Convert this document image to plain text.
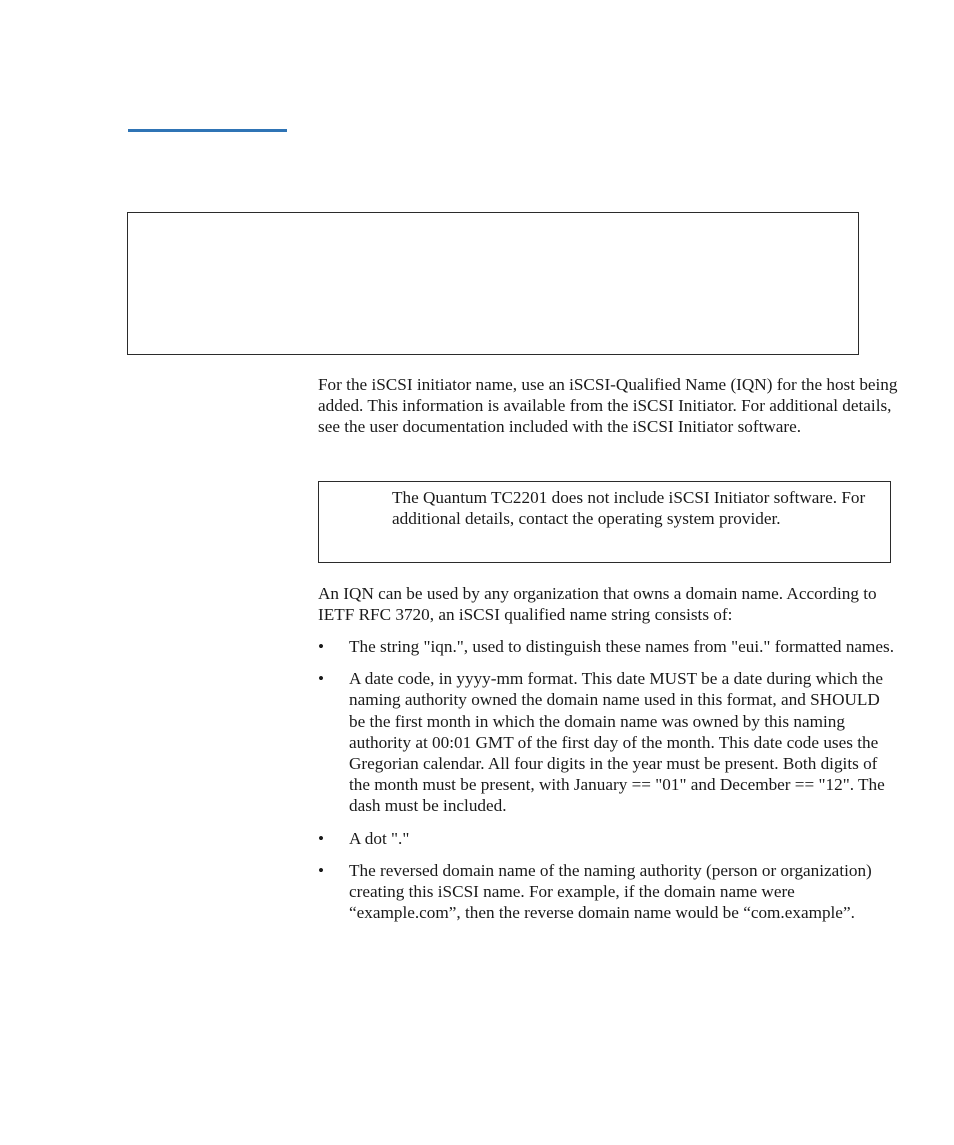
For the iSCSI initiator name, use an iSCSI-Qualified Name (IQN) for the host being added. This information is available from the iSCSI Initiator. For additional details, see the user documentation included with the iSCSI Initiator software.

The Quantum TC2201 does not include iSCSI Initiator software. For additional details, contact the operating system provider.

An IQN can be used by any organization that owns a domain name. According to IETF RFC 3720, an iSCSI qualified name string consists of:

• The string "iqn.", used to distinguish these names from "eui." formatted names.
• A date code, in yyyy-mm format. This date MUST be a date during which the naming authority owned the domain name used in this format, and SHOULD be the first month in which the domain name was owned by this naming authority at 00:01 GMT of the first day of the month. This date code uses the Gregorian calendar. All four digits in the year must be present. Both digits of the month must be present, with January == "01" and December == "12". The dash must be included.
• A dot "."
• The reversed domain name of the naming authority (person or organization) creating this iSCSI name. For example, if the domain name were “example.com”, then the reverse domain name would be “com.example”.
